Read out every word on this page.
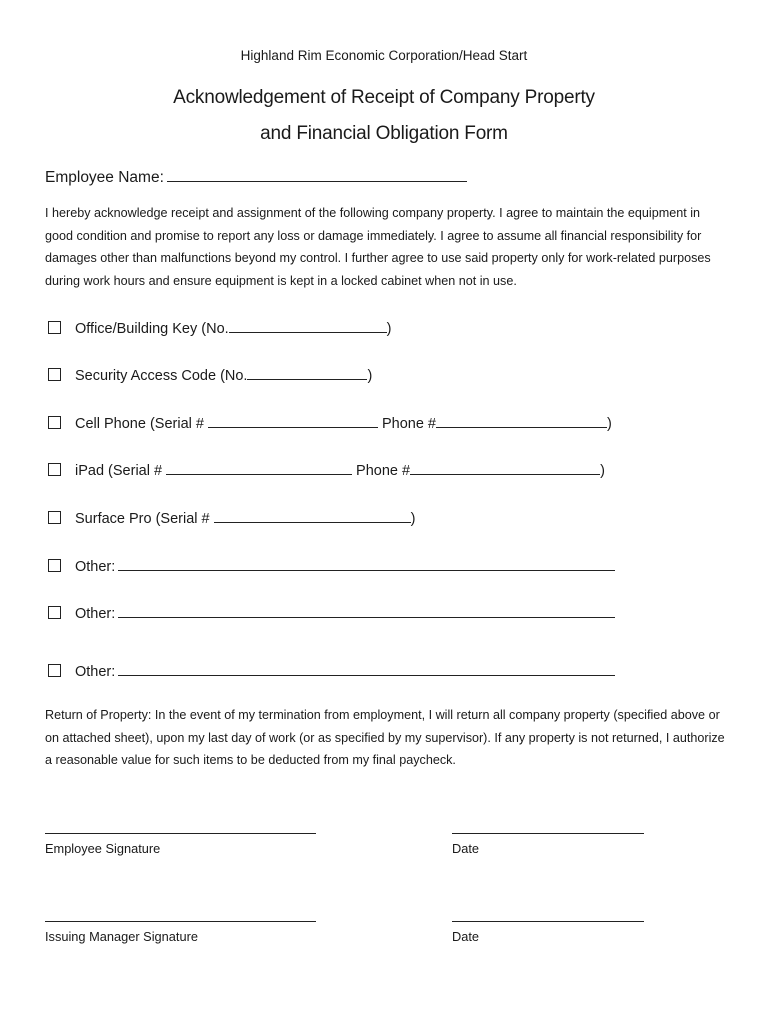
Highland Rim Economic Corporation/Head Start
Acknowledgement of Receipt of Company Property
and Financial Obligation Form
Employee Name:
I hereby acknowledge receipt and assignment of the following company property. I agree to maintain the equipment in good condition and promise to report any loss or damage immediately. I agree to assume all financial responsibility for damages other than malfunctions beyond my control. I further agree to use said property only for work-related purposes during work hours and ensure equipment is kept in a locked cabinet when not in use.
Office/Building Key (No.	)
Security Access Code (No.	)
Cell Phone (Serial #	Phone #	)
iPad (Serial #	Phone #	)
Surface Pro (Serial #	)
Other:
Other:
Other:
Return of Property: In the event of my termination from employment, I will return all company property (specified above or on attached sheet), upon my last day of work (or as specified by my supervisor). If any property is not returned, I authorize a reasonable value for such items to be deducted from my final paycheck.
Employee Signature	Date
Issuing Manager Signature	Date
